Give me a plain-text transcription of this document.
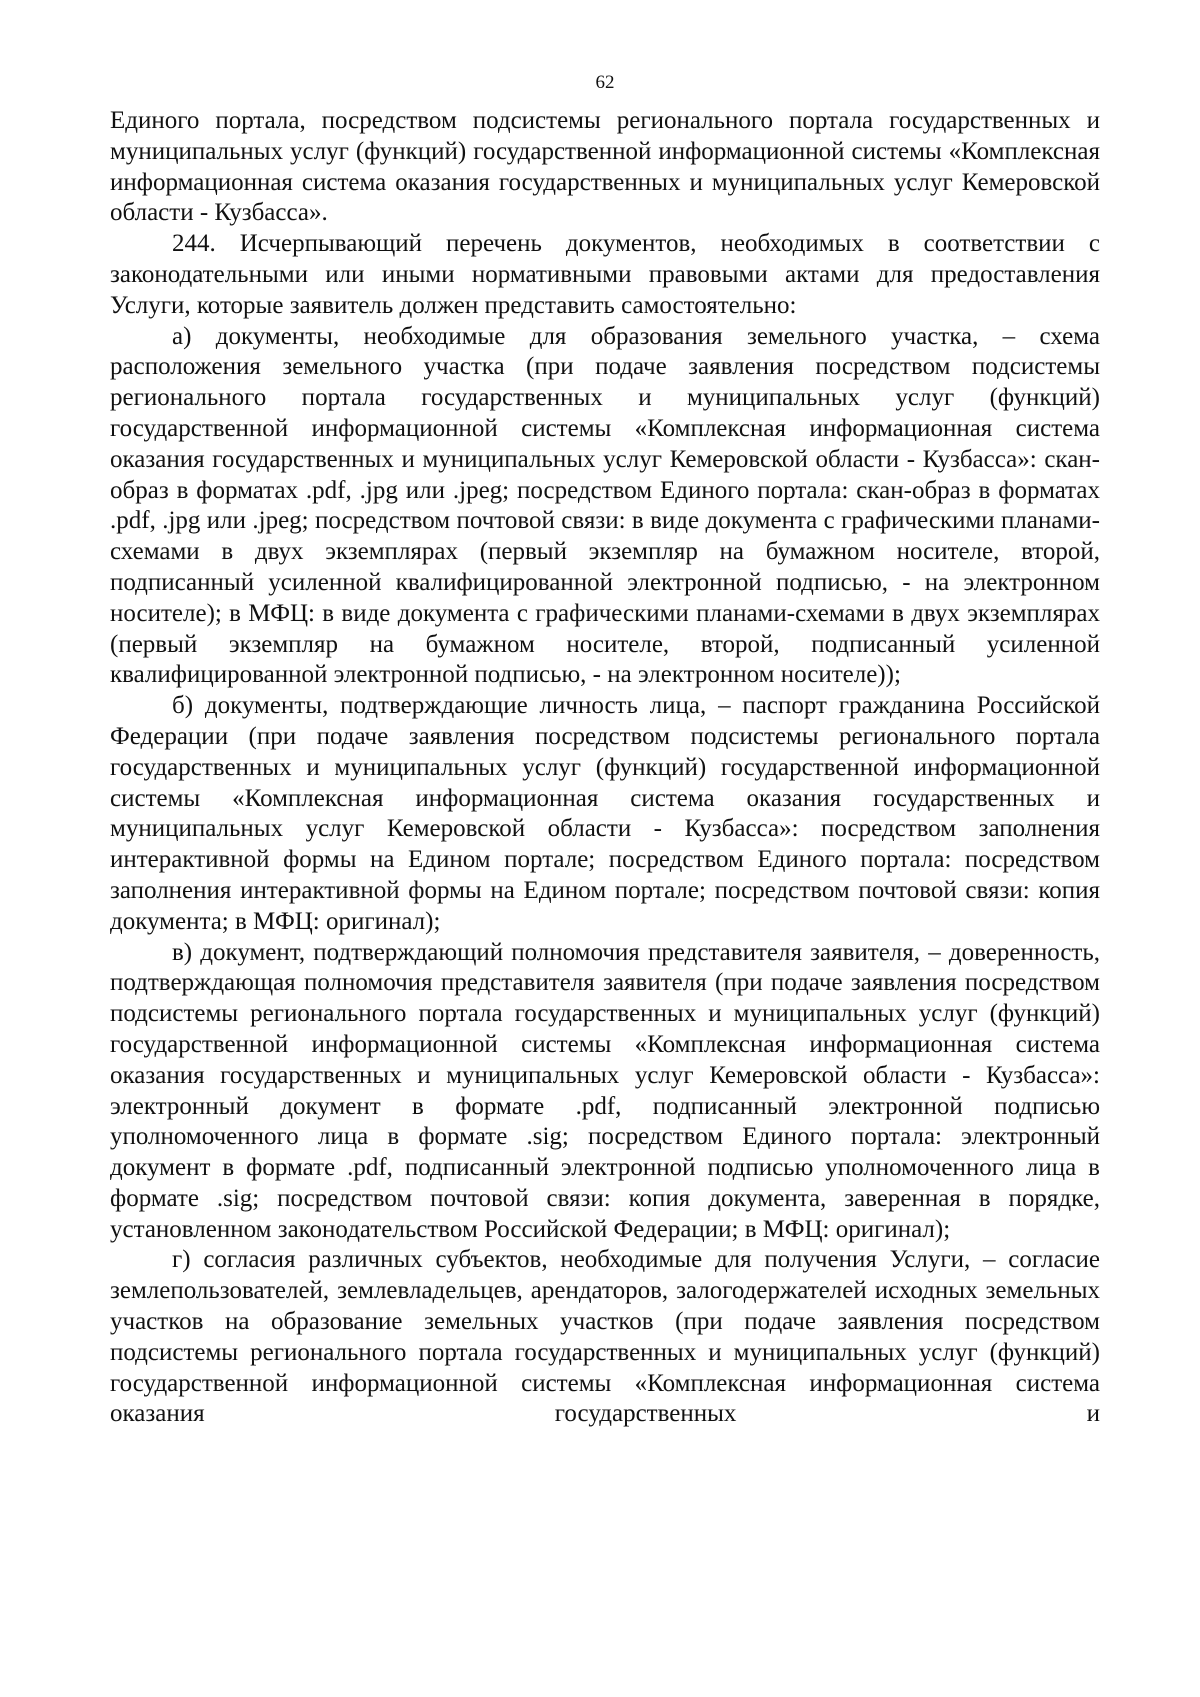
62

Единого портала, посредством подсистемы регионального портала государственных и муниципальных услуг (функций) государственной информационной системы «Комплексная информационная система оказания государственных и муниципальных услуг Кемеровской области - Кузбасса».

244. Исчерпывающий перечень документов, необходимых в соответствии с законодательными или иными нормативными правовыми актами для предоставления Услуги, которые заявитель должен представить самостоятельно:

а) документы, необходимые для образования земельного участка, – схема расположения земельного участка (при подаче заявления посредством подсистемы регионального портала государственных и муниципальных услуг (функций) государственной информационной системы «Комплексная информационная система оказания государственных и муниципальных услуг Кемеровской области - Кузбасса»: скан-образ в форматах .pdf, .jpg или .jpeg; посредством Единого портала: скан-образ в форматах .pdf, .jpg или .jpeg; посредством почтовой связи: в виде документа с графическими планами-схемами в двух экземплярах (первый экземпляр на бумажном носителе, второй, подписанный усиленной квалифицированной электронной подписью, - на электронном носителе); в МФЦ: в виде документа с графическими планами-схемами в двух экземплярах (первый экземпляр на бумажном носителе, второй, подписанный усиленной квалифицированной электронной подписью, - на электронном носителе));

б) документы, подтверждающие личность лица, – паспорт гражданина Российской Федерации (при подаче заявления посредством подсистемы регионального портала государственных и муниципальных услуг (функций) государственной информационной системы «Комплексная информационная система оказания государственных и муниципальных услуг Кемеровской области - Кузбасса»: посредством заполнения интерактивной формы на Едином портале; посредством Единого портала: посредством заполнения интерактивной формы на Едином портале; посредством почтовой связи: копия документа; в МФЦ: оригинал);

в) документ, подтверждающий полномочия представителя заявителя, – доверенность, подтверждающая полномочия представителя заявителя (при подаче заявления посредством подсистемы регионального портала государственных и муниципальных услуг (функций) государственной информационной системы «Комплексная информационная система оказания государственных и муниципальных услуг Кемеровской области - Кузбасса»: электронный документ в формате .pdf, подписанный электронной подписью уполномоченного лица в формате .sig; посредством Единого портала: электронный документ в формате .pdf, подписанный электронной подписью уполномоченного лица в формате .sig; посредством почтовой связи: копия документа, заверенная в порядке, установленном законодательством Российской Федерации; в МФЦ: оригинал);

г) согласия различных субъектов, необходимые для получения Услуги, – согласие землепользователей, землевладельцев, арендаторов, залогодержателей исходных земельных участков на образование земельных участков (при подаче заявления посредством подсистемы регионального портала государственных и муниципальных услуг (функций) государственной информационной системы «Комплексная информационная система оказания государственных и
